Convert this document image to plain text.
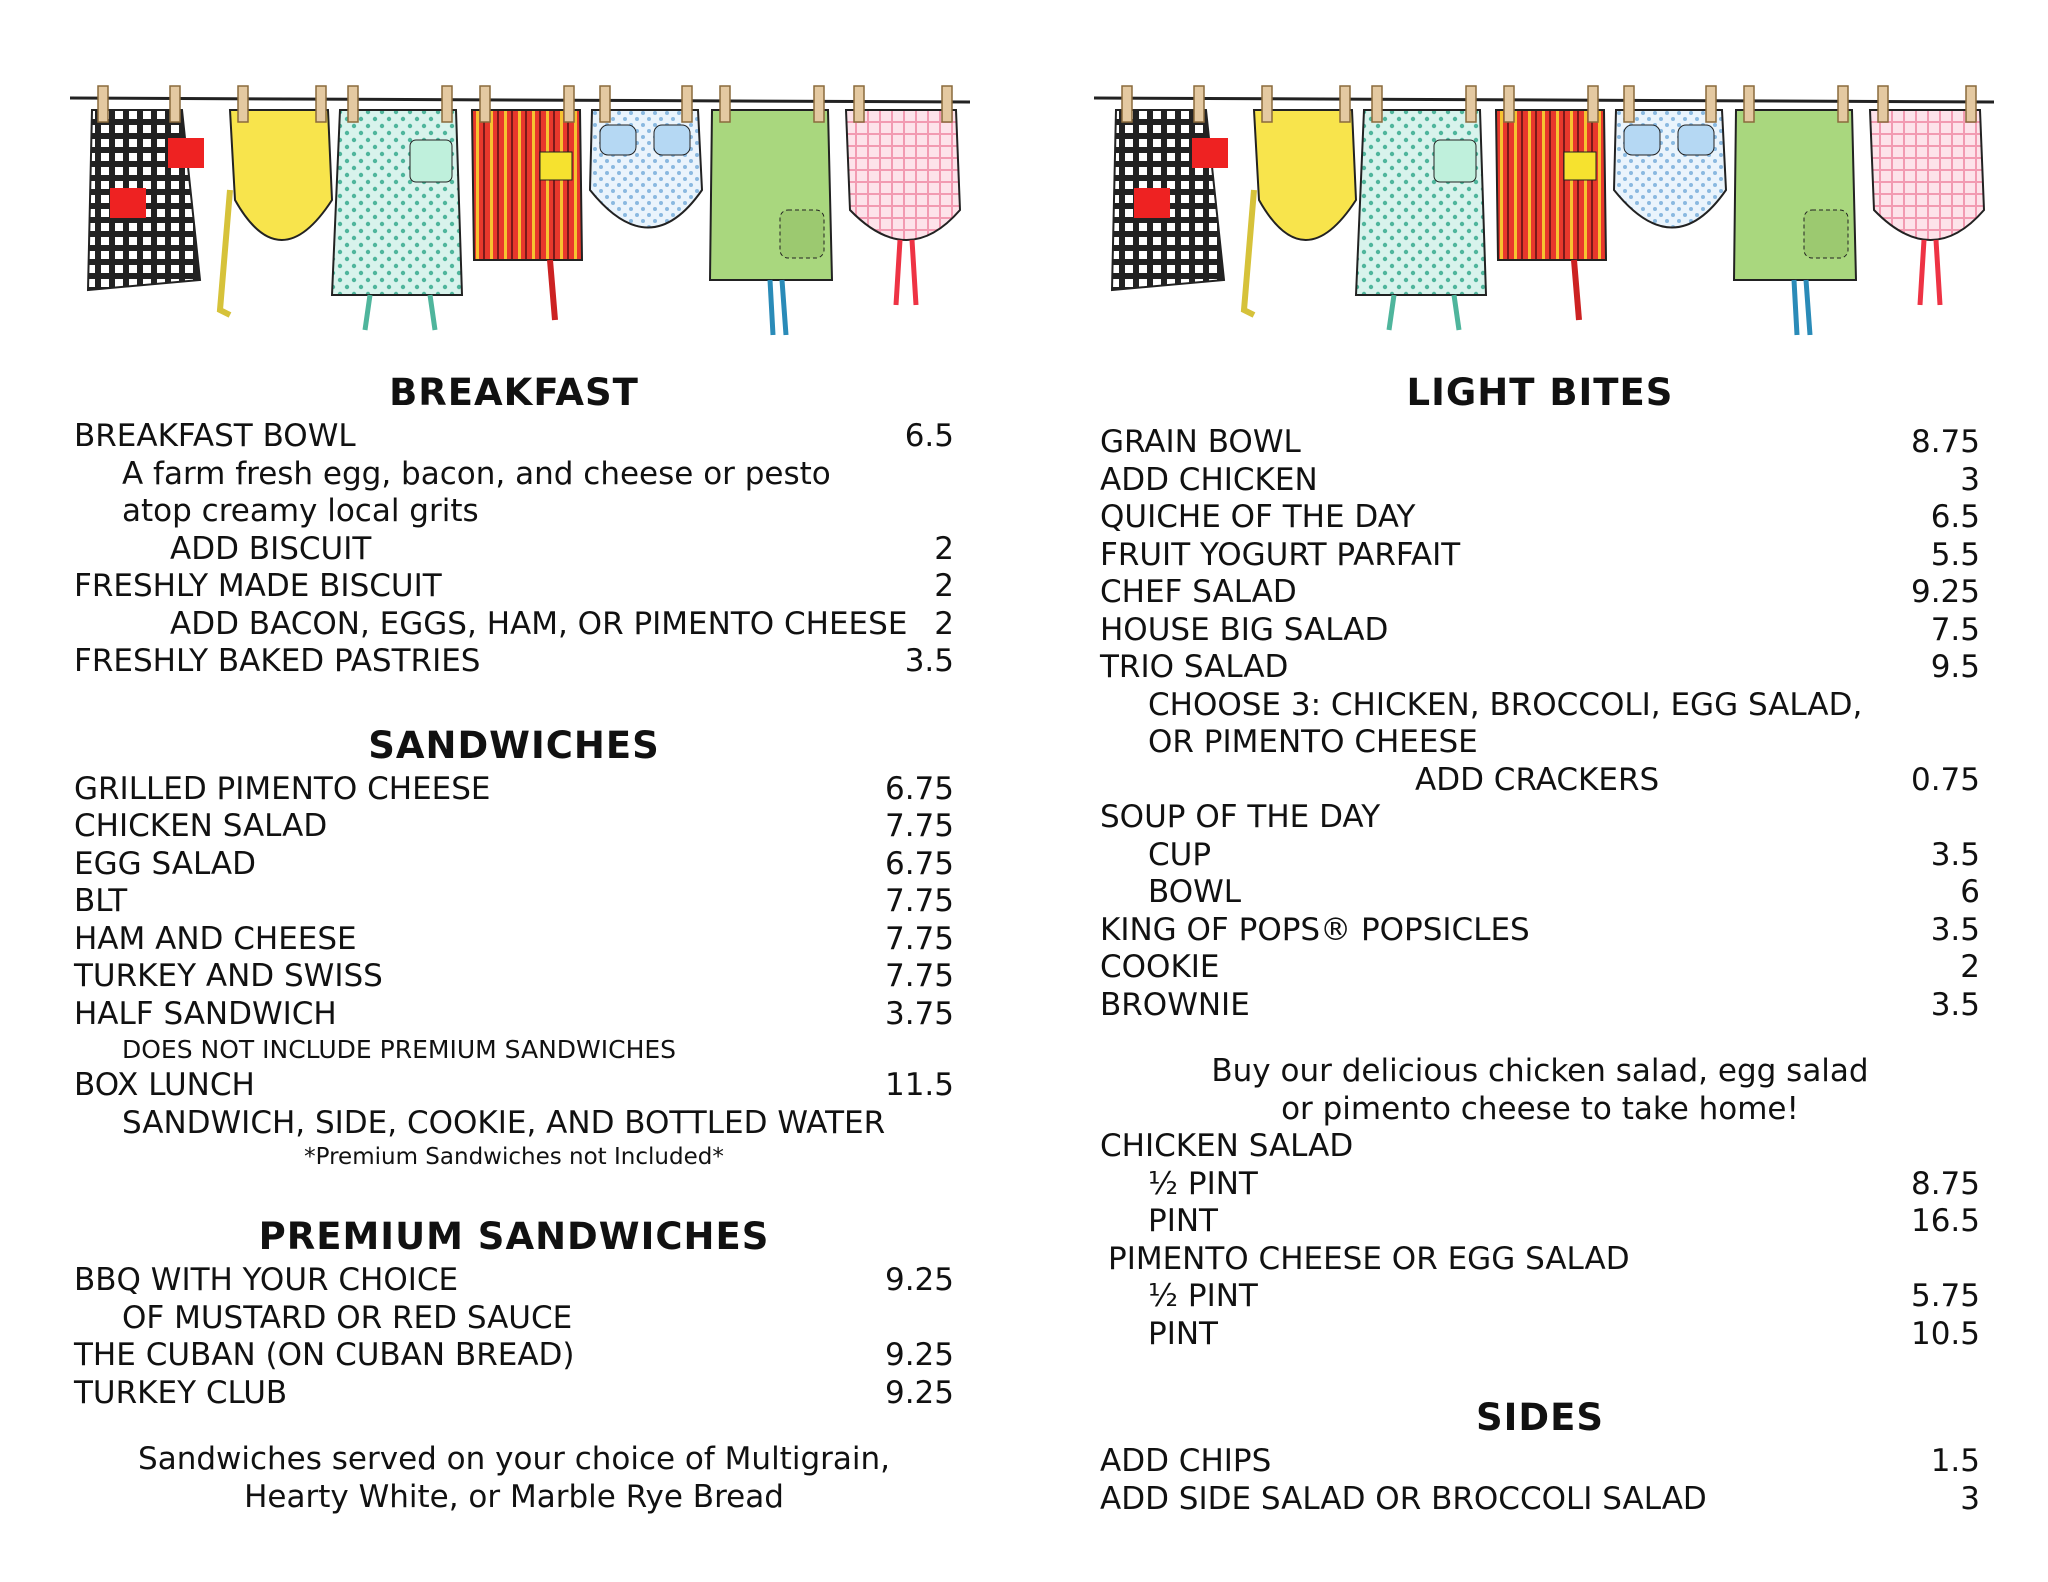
BREAKFAST
BREAKFAST BOWL	6.5
A farm fresh egg, bacon, and cheese or pesto
atop creamy local grits
ADD BISCUIT	2
FRESHLY MADE BISCUIT	2
ADD BACON, EGGS, HAM, OR PIMENTO CHEESE 2
FRESHLY BAKED PASTRIES	3.5
SANDWICHES
GRILLED PIMENTO CHEESE	6.75
CHICKEN SALAD	7.75
EGG SALAD	6.75
BLT	7.75
HAM AND CHEESE	7.75
TURKEY AND SWISS	7.75
HALF SANDWICH	3.75
DOES NOT INCLUDE PREMIUM SANDWICHES
BOX LUNCH	11.5
SANDWICH, SIDE, COOKIE, AND BOTTLED WATER
*Premium Sandwiches not Included*
PREMIUM SANDWICHES
BBQ WITH YOUR CHOICE	9.25
OF MUSTARD OR RED SAUCE
THE CUBAN (ON CUBAN BREAD)	9.25
TURKEY CLUB	9.25
Sandwiches served on your choice of Multigrain,
Hearty White, or Marble Rye Bread
LIGHT BITES
GRAIN BOWL	8.75
ADD CHICKEN	3
QUICHE OF THE DAY	6.5
FRUIT YOGURT PARFAIT	5.5
CHEF SALAD	9.25
HOUSE BIG SALAD	7.5
TRIO SALAD	9.5
CHOOSE 3: CHICKEN, BROCCOLI, EGG SALAD,
OR PIMENTO CHEESE
ADD CRACKERS	0.75
SOUP OF THE DAY
CUP	3.5
BOWL	6
KING OF POPS® POPSICLES	3.5
COOKIE	2
BROWNIE	3.5
Buy our delicious chicken salad, egg salad
or pimento cheese to take home!
CHICKEN SALAD
½ PINT	8.75
PINT	16.5
PIMENTO CHEESE OR EGG SALAD
½ PINT	5.75
PINT	10.5
SIDES
ADD CHIPS	1.5
ADD SIDE SALAD OR BROCCOLI SALAD	3
